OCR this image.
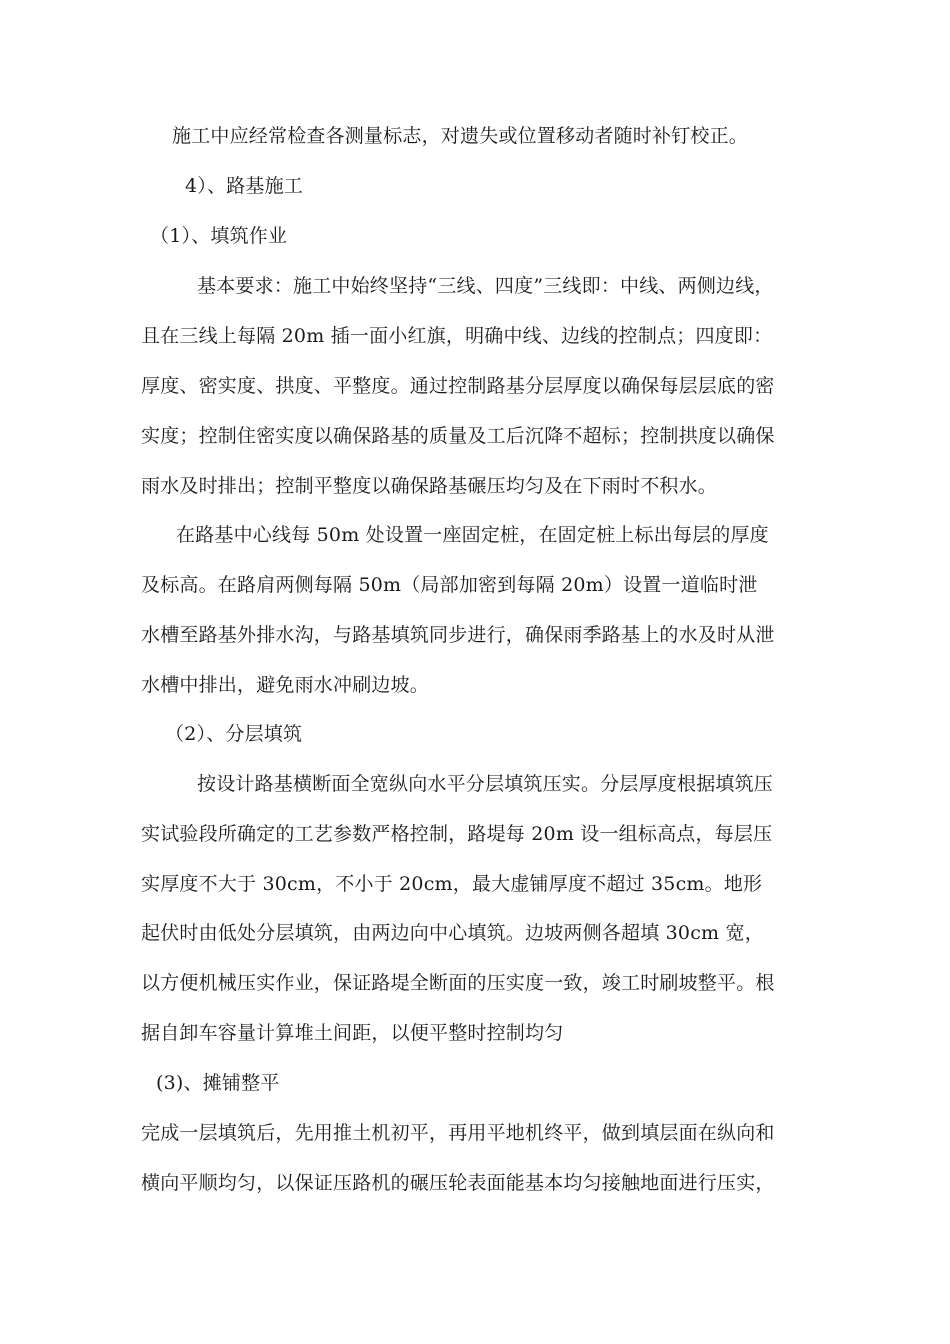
施工中应经常检查各测量标志，对遗失或位置移动者随时补钉校正。
4）、路基施工
（1）、填筑作业
基本要求：施工中始终坚持“三线、四度”三线即：中线、两侧边线，
且在三线上每隔 20m 插一面小红旗，明确中线、边线的控制点；四度即：
厚度、密实度、拱度、平整度。通过控制路基分层厚度以确保每层层底的密
实度；控制住密实度以确保路基的质量及工后沉降不超标；控制拱度以确保
雨水及时排出；控制平整度以确保路基碾压均匀及在下雨时不积水。
在路基中心线每 50m 处设置一座固定桩，在固定桩上标出每层的厚度
及标高。在路肩两侧每隔 50m（局部加密到每隔 20m）设置一道临时泄
水槽至路基外排水沟，与路基填筑同步进行，确保雨季路基上的水及时从泄
水槽中排出，避免雨水冲刷边坡。
（2）、分层填筑
按设计路基横断面全宽纵向水平分层填筑压实。分层厚度根据填筑压
实试验段所确定的工艺参数严格控制，路堤每 20m 设一组标高点，每层压
实厚度不大于 30cm，不小于 20cm，最大虚铺厚度不超过 35cm。地形
起伏时由低处分层填筑，由两边向中心填筑。边坡两侧各超填 30cm 宽，
以方便机械压实作业，保证路堤全断面的压实度一致，竣工时刷坡整平。根
据自卸车容量计算堆土间距，以便平整时控制均匀
(3)、摊铺整平
完成一层填筑后，先用推土机初平，再用平地机终平，做到填层面在纵向和
横向平顺均匀，以保证压路机的碾压轮表面能基本均匀接触地面进行压实，
